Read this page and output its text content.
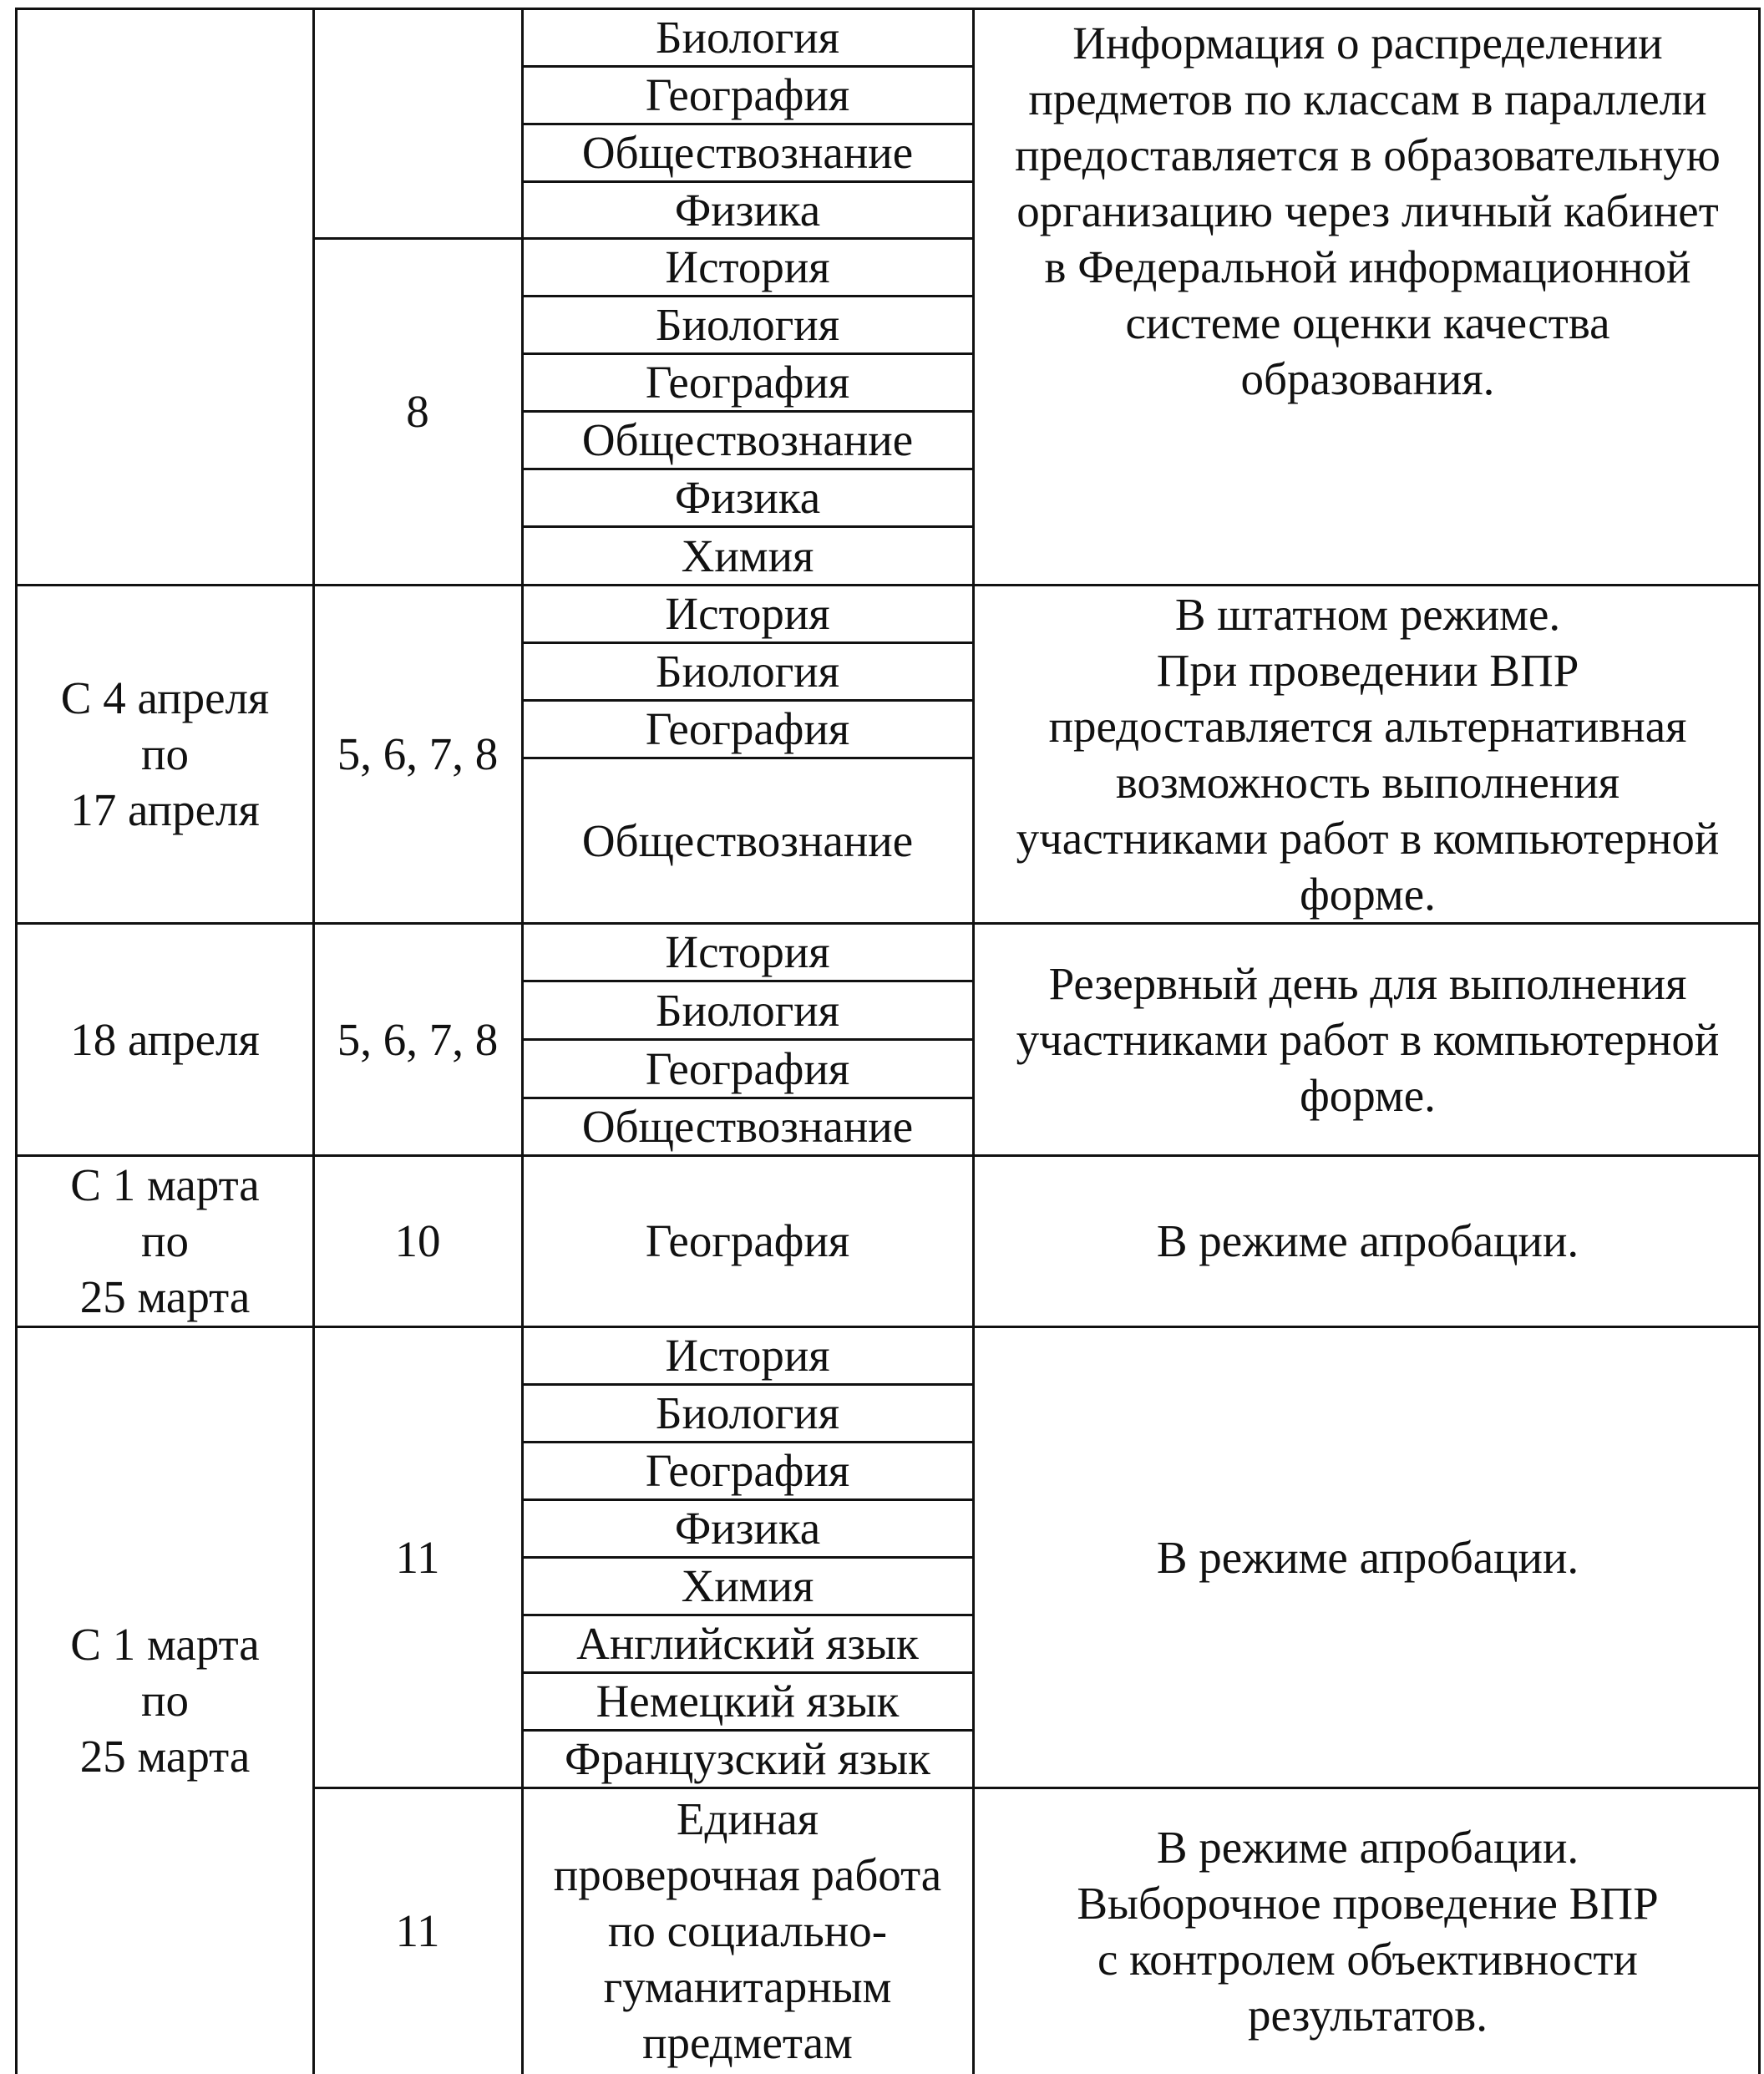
Биология
География
Обществознание
Физика
8
История
Биология
География
Обществознание
Физика
Химия
Информация о распределении
предметов по классам в параллели
предоставляется в образовательную
организацию через личный кабинет
в Федеральной информационной
системе оценки качества
образования.
С 4 апреля
по
17 апреля
5, 6, 7, 8
История
Биология
География
Обществознание
В штатном режиме.
При проведении ВПР
предоставляется альтернативная
возможность выполнения
участниками работ в компьютерной
форме.
18 апреля 5, 6, 7, 8
История
Биология
География
Обществознание
Резервный день для выполнения
участниками работ в компьютерной
форме.
С 1 марта
по
25 марта
10	География	В режиме апробации.
С 1 марта
по
25 марта
11
История
Биология
География
Физика
Химия
Английский язык
Немецкий язык
Французский язык
В режиме апробации.
11
Единая
проверочная работа
по социально-
гуманитарным
предметам
В режиме апробации.
Выборочное проведение ВПР
с контролем объективности
результатов.
